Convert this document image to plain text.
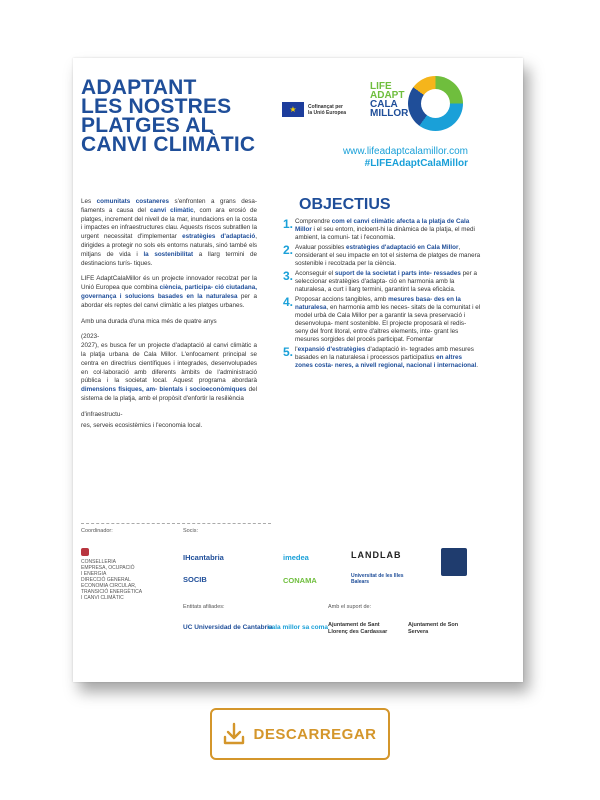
ADAPTANT
LES NOSTRES
PLATGES AL
CANVI CLIMÀTIC
★	Cofinançat per
la Unió Europea
LIFE
ADAPT
CALA
MILLOR
www.lifeadaptcalamillor.com
#LIFEAdaptCalaMillor

Les comunitats costaneres s'enfronten a grans desa- fiaments a causa del canvi climàtic, com ara erosió de platges, increment del nivell de la mar, inundacions en la costa i impactes en infraestructures clau. Aquests riscos subratllen la urgent necessitat d'implementar estratègies d'adaptació, dirigides a protegir no sols els entorns naturals, sinó també els mitjans de vida i la sostenibilitat a llarg termini de destinacions turís- tiques.

LIFE AdaptCalaMillor és un projecte innovador recolzat per la Unió Europea que combina ciència, participa- ció ciutadana, governança i solucions basades en la naturalesa per a abordar els reptes del canvi climàtic a les platges urbanes.

Amb una durada d'una mica més de quatre anys

(2023-

2027), es busca fer un projecte d'adaptació al canvi climàtic a la platja urbana de Cala Millor. L'enfocament principal se centra en directrius científiques i integrades, desenvolupades en col·laboració amb diferents àmbits de l'administració pública i la societat local. Aquest programa abordarà dimensions físiques, am- bientals i socioeconòmiques del sistema de la platja, amb el propòsit d'enfortir la resiliència

d'infraestructu-

res, serveis ecosistèmics i l'economia local.

OBJECTIUS
1. Comprendre com el canvi climàtic afecta a la platja de Cala Millor i el seu entorn, incloent-hi la dinàmica de la platja, el medi ambient, la comuni- tat i l'economia.
2. Avaluar possibles estratègies d'adaptació en Cala Millor, considerant el seu impacte en tot el sistema de platges de manera sostenible i recolzada per la ciència.
3. Aconseguir el suport de la societat i parts inte- ressades per a seleccionar estratègies d'adapta- ció en harmonia amb la naturalesa, a curt i llarg termini, garantint la seva eficàcia.
4. Proposar accions tangibles, amb mesures basa- des en la naturalesa, en harmonia amb les neces- sitats de la comunitat i el model urbà de Cala Millor per a garantir la seva preservació i desenvolupa- ment sostenible. El projecte proposarà el redis- seny del front litoral, entre d'altres elements, inte- grant les mesures sorgides del procés participat. Fomentar
5. l'expansió d'estratègies d'adaptació in- tegrades amb mesures basades en la naturalesa i processos participatius en altres zones costa- neres, a nivell regional, nacional i internacional.
Coordinador:
CONSELLERIA
EMPRESA, OCUPACIÓ
I ENERGIA
DIRECCIÓ GENERAL
ECONOMIA CIRCULAR,
TRANSICIÓ ENERGÈTICA
I CANVI CLIMÀTIC
Socis:
IHcantabria	imedea	LANDLAB
SOCIB	CONAMA	Universitat de les Illes Balears
Entitats afiliades:
UC Universidad de Cantabria
cala millor sa coma
Amb el suport de:
Ajuntament de Sant Llorenç des Cardassar
Ajuntament de Son Servera
DESCARREGAR
